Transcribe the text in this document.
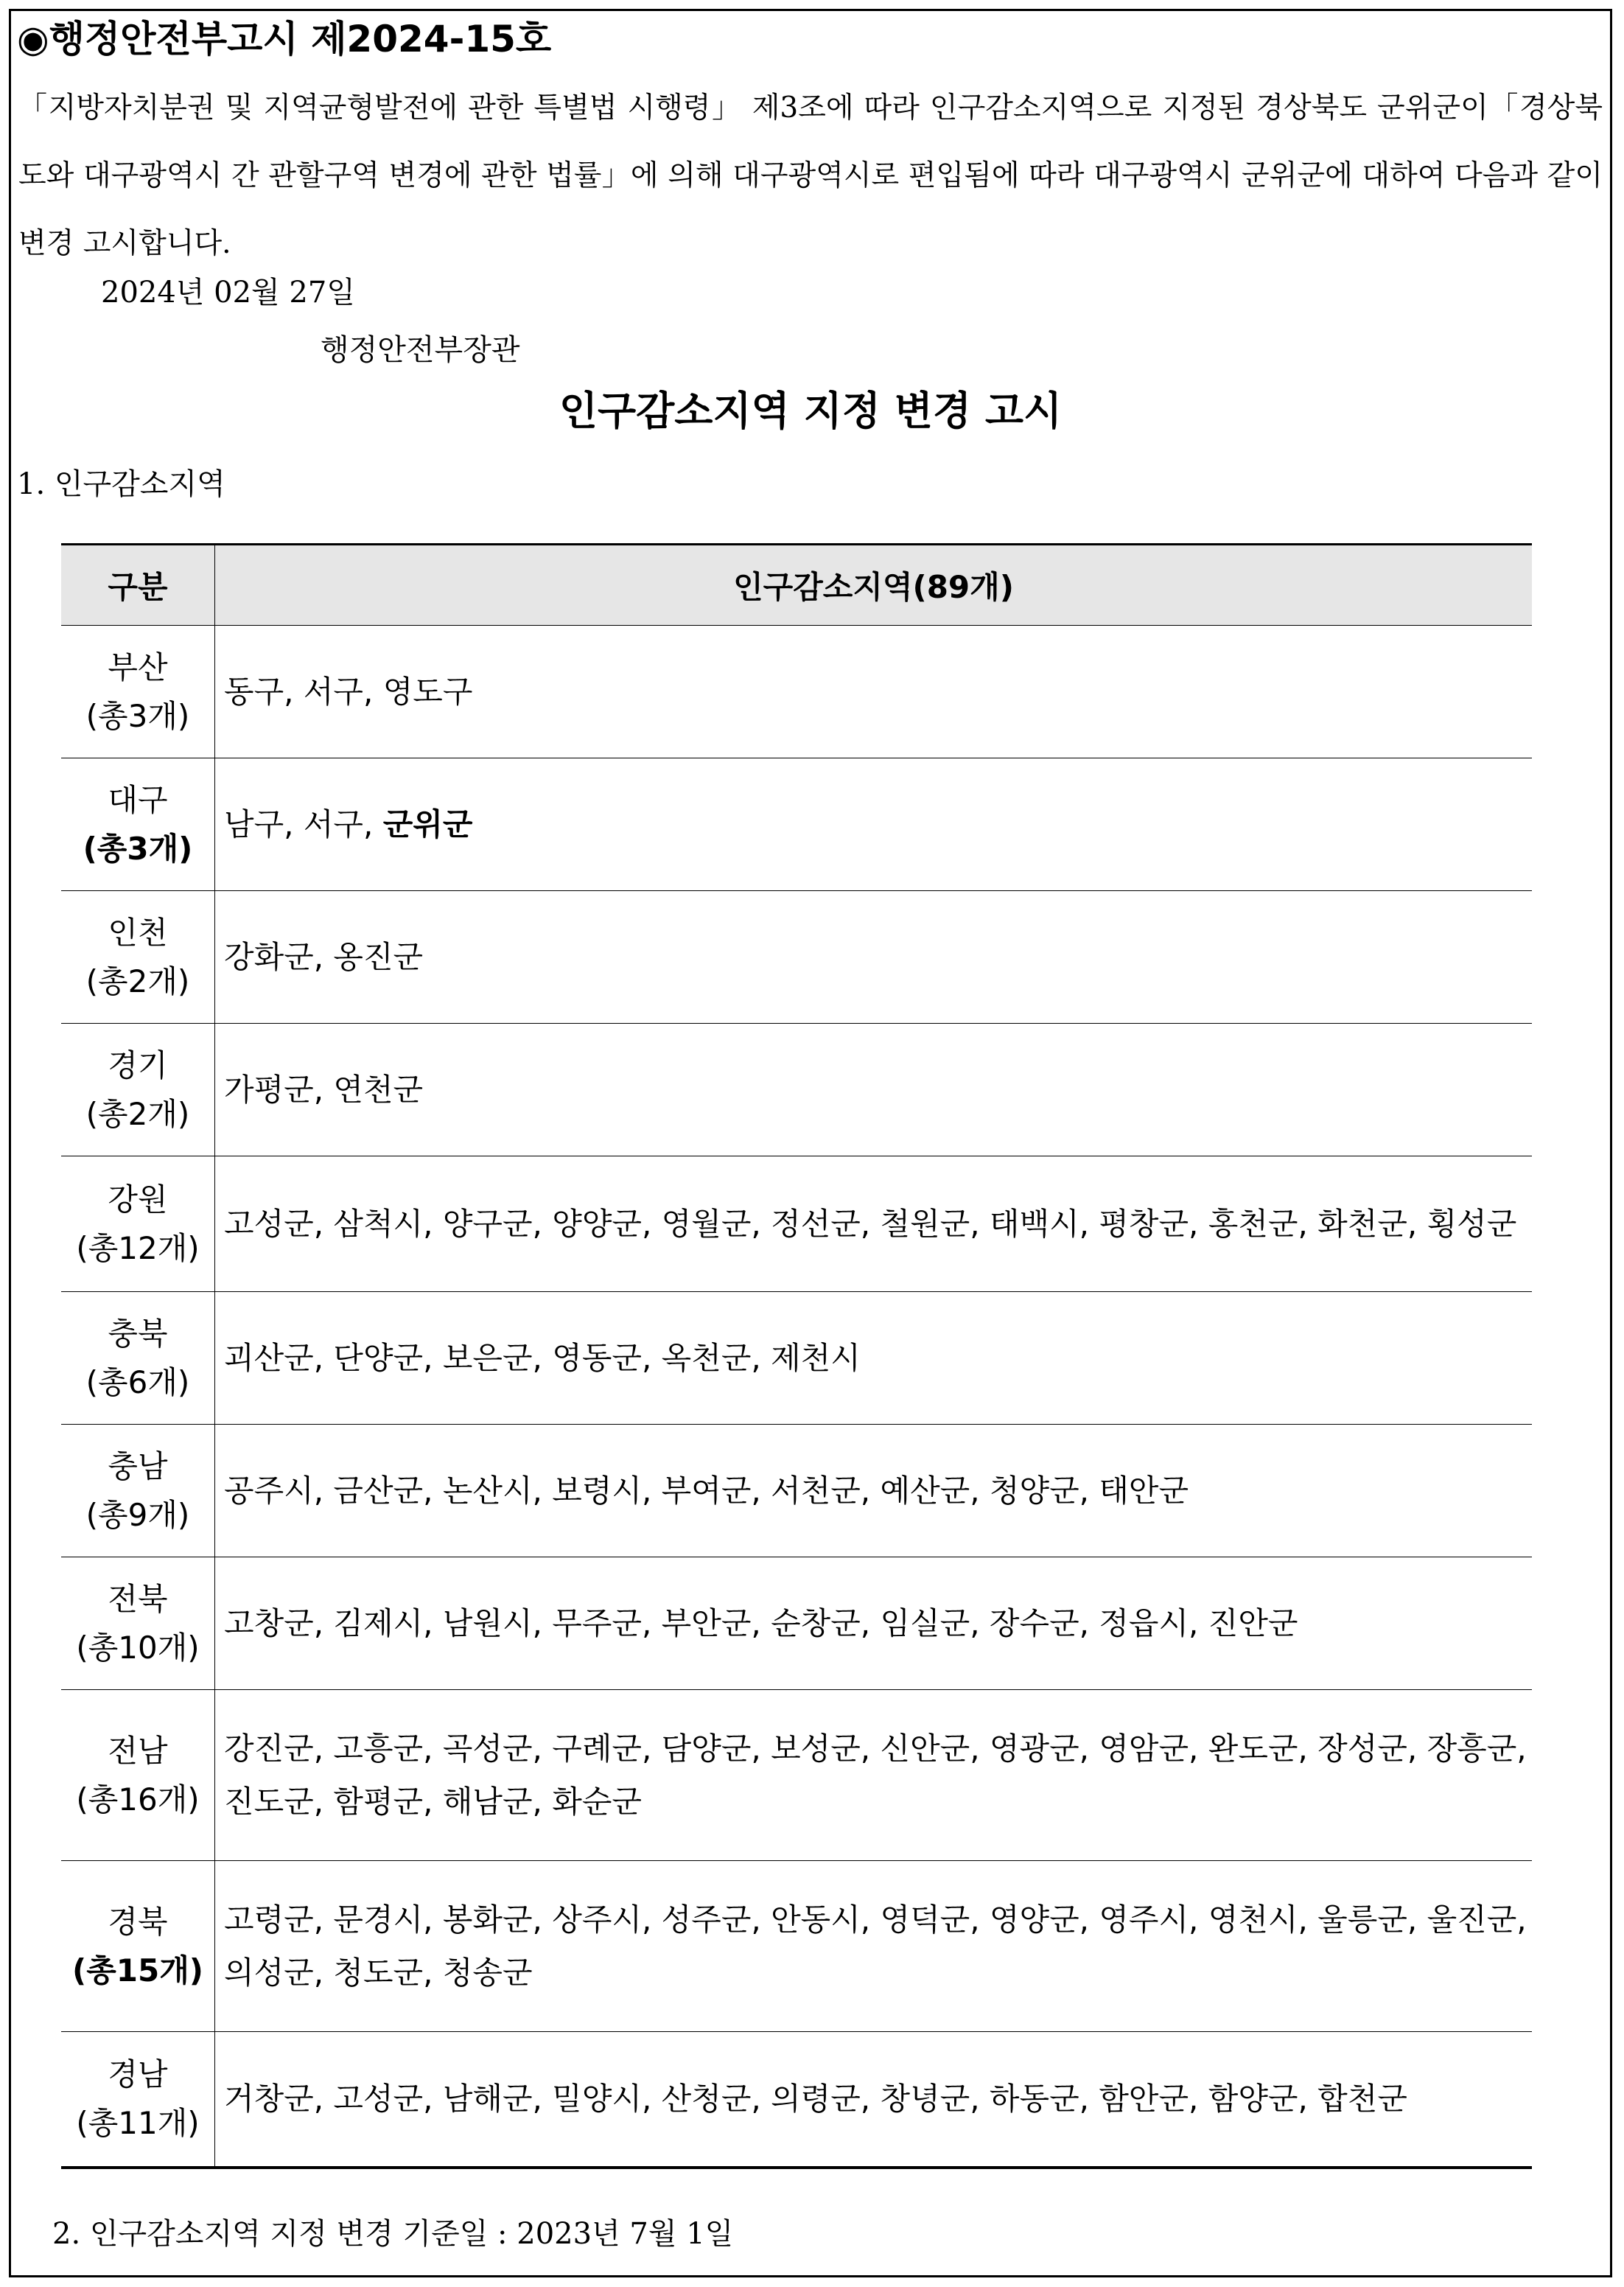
◉행정안전부고시 제2024-15호
「지방자치분권 및 지역균형발전에 관한 특별법 시행령」 제3조에 따라 인구감소지역으로 지정된 경상북도 군위군이「경상북도와 대구광역시 간 관할구역 변경에 관한 법률」에 의해 대구광역시로 편입됨에 따라 대구광역시 군위군에 대하여 다음과 같이 변경 고시합니다.
2024년 02월 27일
행정안전부장관
인구감소지역 지정 변경 고시
1. 인구감소지역
구분	인구감소지역(89개)

부산
(총3개)	동구, 서구, 영도구

대구
(총3개)	남구, 서구, 군위군

인천
(총2개)	강화군, 옹진군

경기
(총2개)	가평군, 연천군

강원
(총12개)	고성군, 삼척시, 양구군, 양양군, 영월군, 정선군, 철원군, 태백시, 평창군, 홍천군, 화천군, 횡성군

충북
(총6개)	괴산군, 단양군, 보은군, 영동군, 옥천군, 제천시

충남
(총9개)	공주시, 금산군, 논산시, 보령시, 부여군, 서천군, 예산군, 청양군, 태안군

전북
(총10개)	고창군, 김제시, 남원시, 무주군, 부안군, 순창군, 임실군, 장수군, 정읍시, 진안군

전남
(총16개)	강진군, 고흥군, 곡성군, 구례군, 담양군, 보성군, 신안군, 영광군, 영암군, 완도군, 장성군, 장흥군, 진도군, 함평군, 해남군, 화순군

경북
(총15개)	고령군, 문경시, 봉화군, 상주시, 성주군, 안동시, 영덕군, 영양군, 영주시, 영천시, 울릉군, 울진군, 의성군, 청도군, 청송군

경남
(총11개)	거창군, 고성군, 남해군, 밀양시, 산청군, 의령군, 창녕군, 하동군, 함안군, 함양군, 합천군
2. 인구감소지역 지정 변경 기준일 : 2023년 7월 1일
